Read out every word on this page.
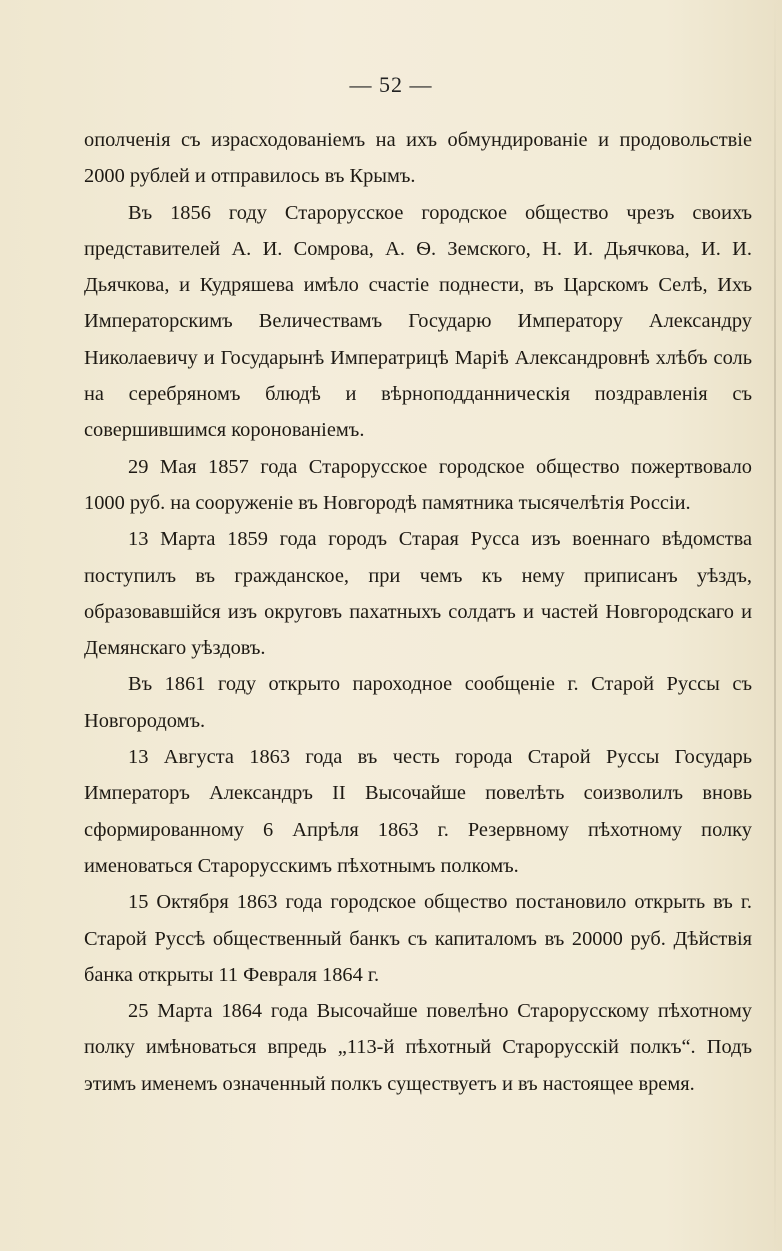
— 52 —

ополченія съ израсходованіемъ на ихъ обмундированіе и продовольствіе 2000 рублей и отправилось въ Крымъ.

Въ 1856 году Старорусское городское общество чрезъ своихъ представителей А. И. Сомрова, А. Ѳ. Земского, Н. И. Дьячкова, И. И. Дьячкова, и Кудряшева имѣло счастіе поднести, въ Царскомъ Селѣ, Ихъ Императорскимъ Величествамъ Государю Императору Александру Николаевичу и Государынѣ Императрицѣ Маріѣ Александровнѣ хлѣбъ соль на серебряномъ блюдѣ и вѣрноподданническія поздравленія съ совершившимся коронованіемъ.

29 Мая 1857 года Старорусское городское общество пожертвовало 1000 руб. на сооруженіе въ Новгородѣ памятника тысячелѣтія Россіи.

13 Марта 1859 года городъ Старая Русса изъ военнаго вѣдомства поступилъ въ гражданское, при чемъ къ нему приписанъ уѣздъ, образовавшійся изъ округовъ пахатныхъ солдатъ и частей Новгородскаго и Демянскаго уѣздовъ.

Въ 1861 году открыто пароходное сообщеніе г. Старой Руссы съ Новгородомъ.

13 Августа 1863 года въ честь города Старой Руссы Государь Императоръ Александръ II Высочайше повелѣть соизволилъ вновь сформированному 6 Апрѣля 1863 г. Резервному пѣхотному полку именоваться Старорусскимъ пѣхотнымъ полкомъ.

15 Октября 1863 года городское общество постановило открыть въ г. Старой Руссѣ общественный банкъ съ капиталомъ въ 20000 руб. Дѣйствія банка открыты 11 Февраля 1864 г.

25 Марта 1864 года Высочайше повелѣно Старорусскому пѣхотному полку имѣноваться впредь „113-й пѣхотный Старорусскій полкъ“. Подъ этимъ именемъ означенный полкъ существуетъ и въ настоящее время.
